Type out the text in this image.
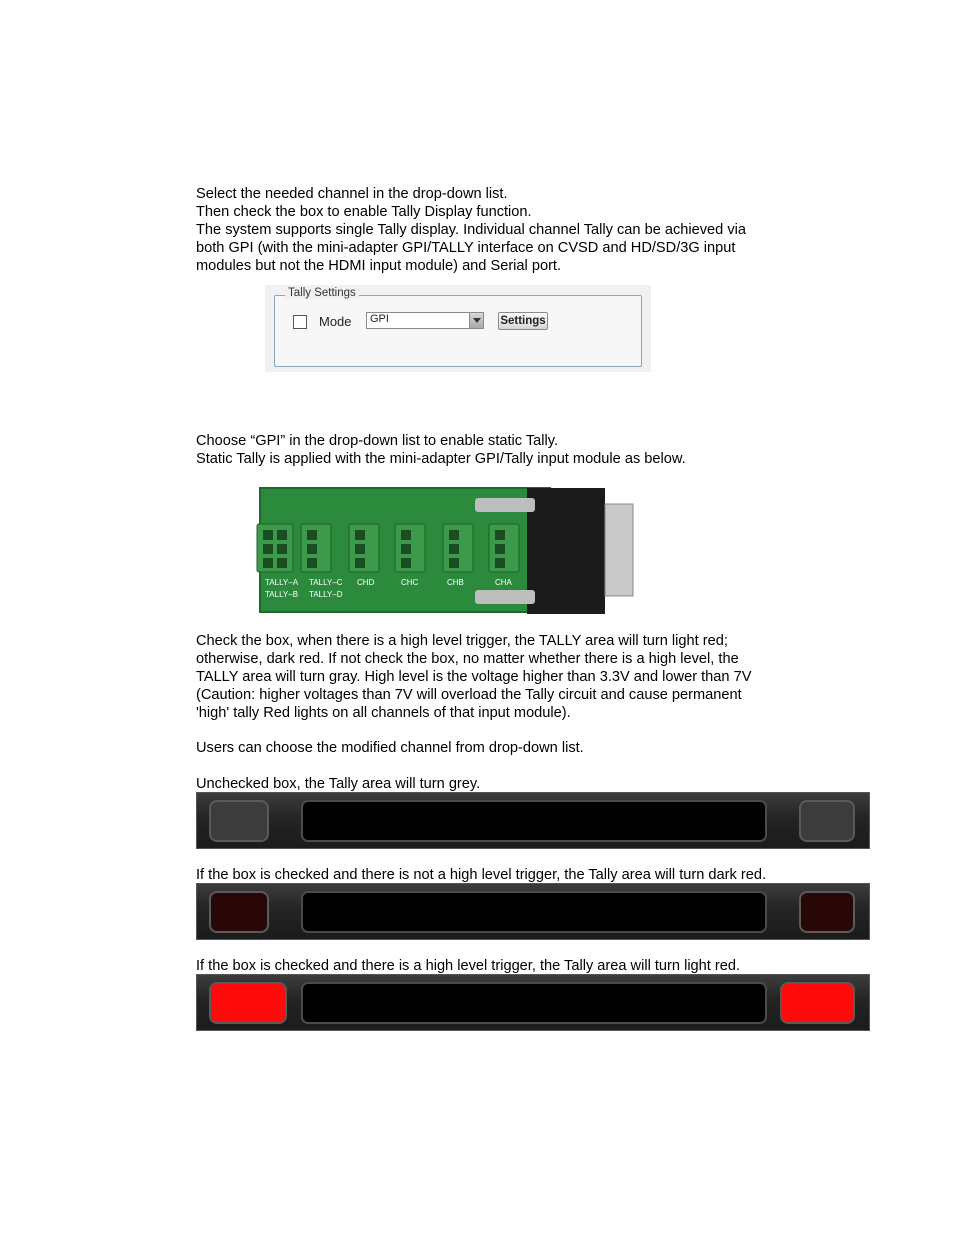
Select the needed channel in the drop-down list.

Then check the box to enable Tally Display function.

The system supports single Tally display. Individual channel Tally can be achieved via

both GPI (with the mini-adapter GPI/TALLY interface on CVSD and HD/SD/3G input

modules but not the HDMI input module) and Serial port.

Tally Settings
Mode GPI	Settings

Choose “GPI” in the drop-down list to enable static Tally.

Static Tally is applied with the mini-adapter GPI/Tally input module as below.

TALLY–A TALLY–C CHD	CHC	CHB	CHA
TALLY–B TALLY–D

Check the box, when there is a high level trigger, the TALLY area will turn light red;

otherwise, dark red. If not check the box, no matter whether there is a high level, the

TALLY area will turn gray. High level is the voltage higher than 3.3V and lower than 7V

(Caution: higher voltages than 7V will overload the Tally circuit and cause permanent

'high' tally Red lights on all channels of that input module).

Users can choose the modified channel from drop-down list.
Unchecked box, the Tally area will turn grey.
If the box is checked and there is not a high level trigger, the Tally area will turn dark red.
If the box is checked and there is a high level trigger, the Tally area will turn light red.
